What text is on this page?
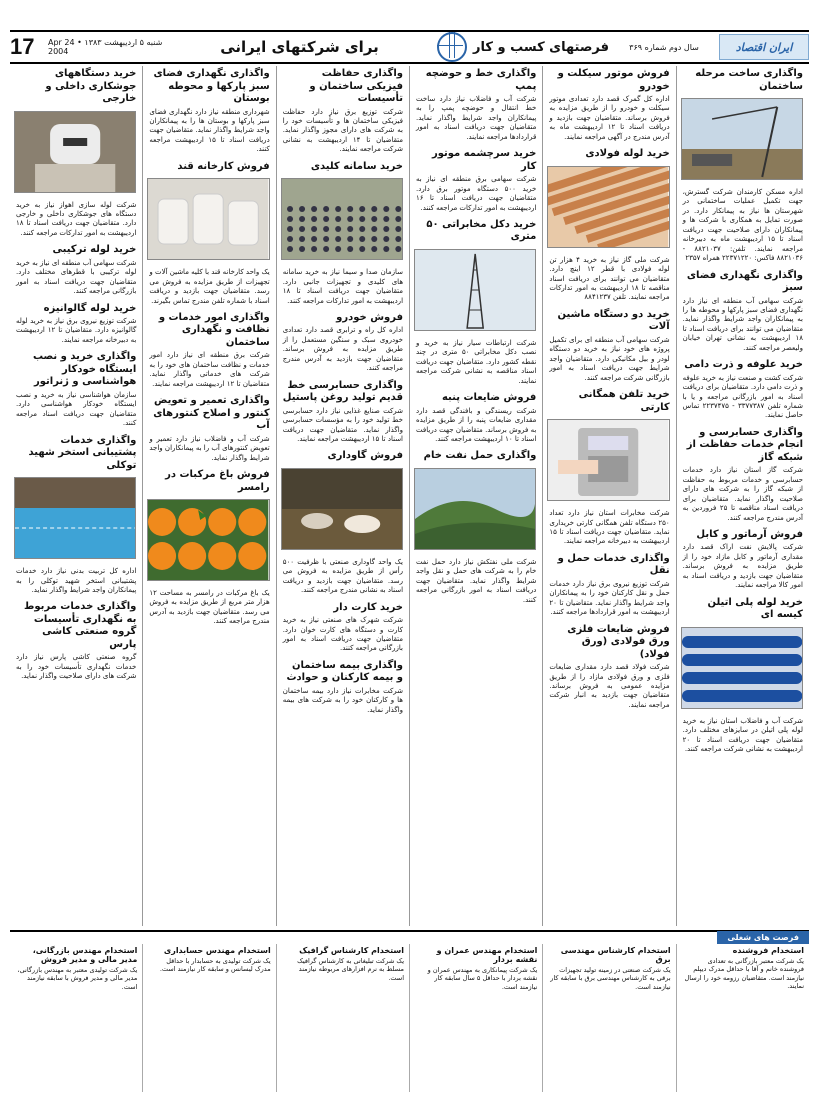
17	شنبه ۵ اردیبهشت ۱۳۸۳ • 24 Apr 2004	برای شرکتهای ایرانی	فرصتهای کسب و کار	سال دوم شماره ۳۶۹	ایران اقتصاد
واگذاری ساخت مرحله ساختمان

اداره مسکن کارمندان شرکت گسترش، جهت تکمیل عملیات ساختمانی در شهرستان ها نیاز به پیمانکار دارد. در صورت تمایل به همکاری با شرکت ها و پیمانکاران دارای صلاحیت جهت دریافت اسناد تا ۱۵ اردیبهشت ماه به دبیرخانه مراجعه نمایند. تلفن: ۸۸۲۱۰۳۷ - ۸۸۲۱۰۳۶ فاکس: ۲۲۳۷۱۲۲۰ همراه ۲۳۵۷

واگذاری نگهداری فضای سبز

شرکت سهامی آب منطقه ای نیاز دارد نگهداری فضای سبز پارکها و محوطه ها را به پیمانکاران واجد شرایط واگذار نماید. متقاضیان می توانند برای دریافت اسناد تا ۱۸ اردیبهشت به نشانی تهران خیابان ولیعصر مراجعه کنند.

خرید علوفه و ذرت دامی

شرکت کشت و صنعت نیاز به خرید علوفه و ذرت دامی دارد. متقاضیان برای دریافت اسناد به امور بازرگانی مراجعه و یا با شماره تلفن ۳۳۷۷۳۸۷ - ۲۲۳۷۴۷۵ تماس حاصل نمایند.

واگذاری حسابرسی و انجام خدمات حفاظت از شبکه گاز

شرکت گاز استان نیاز دارد خدمات حسابرسی و خدمات مربوط به حفاظت از شبکه گاز را به شرکت های دارای صلاحیت واگذار نماید. متقاضیان برای دریافت اسناد مناقصه تا ۲۵ فروردین به آدرس مندرج مراجعه کنند.

فروش آرماتور و کابل

شرکت پالایش نفت اراک قصد دارد مقداری آرماتور و کابل مازاد خود را از طریق مزایده به فروش برساند. متقاضیان جهت بازدید و دریافت اسناد به امور کالا مراجعه نمایند.

خرید لوله پلی اتیلن کیسه ای

شرکت آب و فاضلاب استان نیاز به خرید لوله پلی اتیلن در سایزهای مختلف دارد. متقاضیان جهت دریافت اسناد تا ۲۰ اردیبهشت به نشانی شرکت مراجعه کنند.

فروش موتور سیکلت و خودرو

اداره کل گمرک قصد دارد تعدادی موتور سیکلت و خودرو را از طریق مزایده به فروش برساند. متقاضیان جهت بازدید و دریافت اسناد تا ۱۲ اردیبهشت ماه به آدرس مندرج در آگهی مراجعه نمایند.

خرید لوله فولادی

شرکت ملی گاز نیاز به خرید ۴ هزار تن لوله فولادی با قطر ۱۲ اینچ دارد. متقاضیان می توانند برای دریافت اسناد مناقصه تا ۱۸ اردیبهشت به امور تدارکات مراجعه نمایند. تلفن ۸۸۴۱۲۳۷

خرید دو دستگاه ماشین آلات

شرکت سهامی آب منطقه ای برای تکمیل پروژه های خود نیاز به خرید دو دستگاه لودر و بیل مکانیکی دارد. متقاضیان واجد شرایط جهت دریافت اسناد به امور بازرگانی شرکت مراجعه کنند.

خرید تلفن همگانی کارتی

شرکت مخابرات استان نیاز دارد تعداد ۲۵۰ دستگاه تلفن همگانی کارتی خریداری نماید. متقاضیان جهت دریافت اسناد تا ۱۵ اردیبهشت به دبیرخانه مراجعه نمایند.

واگذاری خدمات حمل و نقل

شرکت توزیع نیروی برق نیاز دارد خدمات حمل و نقل کارکنان خود را به پیمانکاران واجد شرایط واگذار نماید. متقاضیان تا ۲۰ اردیبهشت به امور قراردادها مراجعه کنند.

فروش ضایعات فلزی ورق فولادی (ورق فولاد)

شرکت فولاد قصد دارد مقداری ضایعات فلزی و ورق فولادی مازاد را از طریق مزایده عمومی به فروش برساند. متقاضیان جهت بازدید به انبار شرکت مراجعه نمایند.

واگذاری خط و حوضچه پمپ

شرکت آب و فاضلاب نیاز دارد ساخت خط انتقال و حوضچه پمپ را به پیمانکاران واجد شرایط واگذار نماید. متقاضیان جهت دریافت اسناد به امور قراردادها مراجعه نمایند.

خرید سرچشمه موتور کار

شرکت سهامی برق منطقه ای نیاز به خرید ۵۰۰ دستگاه موتور برق دارد. متقاضیان جهت دریافت اسناد تا ۱۶ اردیبهشت به امور تدارکات مراجعه کنند.

خرید دکل مخابراتی ۵۰ متری

شرکت ارتباطات سیار نیاز به خرید و نصب دکل مخابراتی ۵۰ متری در چند نقطه کشور دارد. متقاضیان جهت دریافت اسناد مناقصه به نشانی شرکت مراجعه نمایند.

فروش ضایعات پنبه

شرکت ریسندگی و بافندگی قصد دارد مقداری ضایعات پنبه را از طریق مزایده به فروش برساند. متقاضیان جهت دریافت اسناد تا ۱۰ اردیبهشت مراجعه کنند.

واگذاری حمل نفت خام

شرکت ملی نفتکش نیاز دارد حمل نفت خام را به شرکت های حمل و نقل واجد شرایط واگذار نماید. متقاضیان جهت دریافت اسناد به امور بازرگانی مراجعه کنند.

واگذاری حفاظت فیزیکی ساختمان و تأسیسات

شرکت توزیع برق نیاز دارد حفاظت فیزیکی ساختمان ها و تأسیسات خود را به شرکت های دارای مجوز واگذار نماید. متقاضیان تا ۱۴ اردیبهشت به نشانی شرکت مراجعه نمایند.

خرید سامانه کلیدی

سازمان صدا و سیما نیاز به خرید سامانه های کلیدی و تجهیزات جانبی دارد. متقاضیان جهت دریافت اسناد تا ۱۸ اردیبهشت به امور تدارکات مراجعه کنند.

فروش خودرو

اداره کل راه و ترابری قصد دارد تعدادی خودروی سبک و سنگین مستعمل را از طریق مزایده به فروش برساند. متقاضیان جهت بازدید به آدرس مندرج مراجعه کنند.

واگذاری حسابرسی خط قدیم تولید روغن پاستیل

شرکت صنایع غذایی نیاز دارد حسابرسی خط تولید خود را به مؤسسات حسابرسی واگذار نماید. متقاضیان جهت دریافت اسناد تا ۱۵ اردیبهشت مراجعه نمایند.

فروش گاوداری

یک واحد گاوداری صنعتی با ظرفیت ۵۰۰ رأس از طریق مزایده به فروش می رسد. متقاضیان جهت بازدید و دریافت اسناد به نشانی مندرج مراجعه کنند.

خرید کارت دار

شرکت شهرک های صنعتی نیاز به خرید کارت و دستگاه های کارت خوان دارد. متقاضیان جهت دریافت اسناد به امور بازرگانی مراجعه کنند.

واگذاری بیمه ساختمان و بیمه کارکنان و حوادث

شرکت مخابرات نیاز دارد بیمه ساختمان ها و کارکنان خود را به شرکت های بیمه واگذار نماید.

واگذاری نگهداری فضای سبز پارکها و محوطه بوستان

شهرداری منطقه نیاز دارد نگهداری فضای سبز پارکها و بوستان ها را به پیمانکاران واجد شرایط واگذار نماید. متقاضیان جهت دریافت اسناد تا ۱۵ اردیبهشت مراجعه کنند.

فروش کارخانه قند

یک واحد کارخانه قند با کلیه ماشین آلات و تجهیزات از طریق مزایده به فروش می رسد. متقاضیان جهت بازدید و دریافت اسناد با شماره تلفن مندرج تماس بگیرند.

واگذاری امور خدمات و نظافت و نگهداری ساختمان

شرکت برق منطقه ای نیاز دارد امور خدمات و نظافت ساختمان های خود را به شرکت های خدماتی واگذار نماید. متقاضیان تا ۱۲ اردیبهشت مراجعه نمایند.

واگذاری تعمیر و تعویض کنتور و اصلاح کنتورهای آب

شرکت آب و فاضلاب نیاز دارد تعمیر و تعویض کنتورهای آب را به پیمانکاران واجد شرایط واگذار نماید.

فروش باغ مرکبات در رامسر

یک باغ مرکبات در رامسر به مساحت ۱۲ هزار متر مربع از طریق مزایده به فروش می رسد. متقاضیان جهت بازدید به آدرس مندرج مراجعه کنند.

خرید دستگاههای جوشکاری داخلی و خارجی

شرکت لوله سازی اهواز نیاز به خرید دستگاه های جوشکاری داخلی و خارجی دارد. متقاضیان جهت دریافت اسناد تا ۱۸ اردیبهشت به امور تدارکات مراجعه کنند.

خرید لوله ترکیبی

شرکت سهامی آب منطقه ای نیاز به خرید لوله ترکیبی با قطرهای مختلف دارد. متقاضیان جهت دریافت اسناد به امور بازرگانی مراجعه کنند.

خرید لوله گالوانیزه

شرکت توزیع نیروی برق نیاز به خرید لوله گالوانیزه دارد. متقاضیان تا ۱۲ اردیبهشت به دبیرخانه مراجعه نمایند.

واگذاری خرید و نصب ایستگاه خودکار هواشناسی و ژنراتور

سازمان هواشناسی نیاز به خرید و نصب ایستگاه خودکار هواشناسی دارد. متقاضیان جهت دریافت اسناد مراجعه کنند.

واگذاری خدمات پشتیبانی استخر شهید توکلی

اداره کل تربیت بدنی نیاز دارد خدمات پشتیبانی استخر شهید توکلی را به پیمانکاران واجد شرایط واگذار نماید.

واگذاری خدمات مربوط به نگهداری تأسیسات گروه صنعتی کاشی پارس

گروه صنعتی کاشی پارس نیاز دارد خدمات نگهداری تأسیسات خود را به شرکت های دارای صلاحیت واگذار نماید.

فرصت های شغلی
استخدام فروشنده

یک شرکت معتبر بازرگانی به تعدادی فروشنده خانم و آقا با حداقل مدرک دیپلم نیازمند است. متقاضیان رزومه خود را ارسال نمایند.

استخدام کارشناس مهندسی برق

یک شرکت صنعتی در زمینه تولید تجهیزات برقی به کارشناس مهندسی برق با سابقه کار نیازمند است.

استخدام مهندس عمران و نقشه بردار

یک شرکت پیمانکاری به مهندس عمران و نقشه بردار با حداقل ۵ سال سابقه کار نیازمند است.

استخدام کارشناس گرافیک

یک شرکت تبلیغاتی به کارشناس گرافیک مسلط به نرم افزارهای مربوطه نیازمند است.

استخدام مهندس حسابداری

یک شرکت تولیدی به حسابدار با حداقل مدرک لیسانس و سابقه کار نیازمند است.

استخدام مهندس بازرگانی، مدیر مالی و مدیر فروش

یک شرکت تولیدی معتبر به مهندس بازرگانی، مدیر مالی و مدیر فروش با سابقه نیازمند است.
